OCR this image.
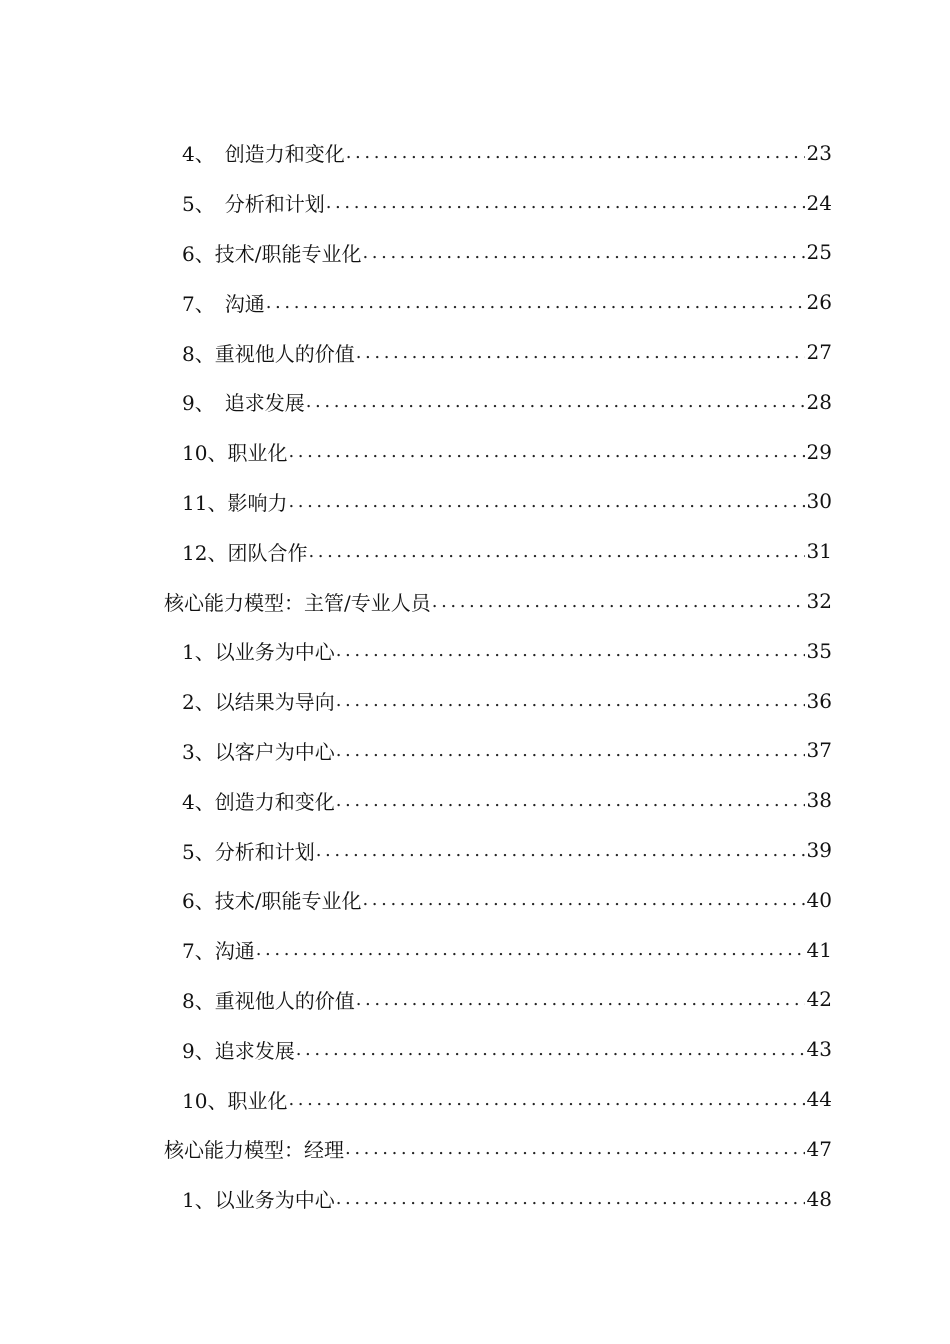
4、　 创造力和变化 .....	23
5、　 分析和计划 .....	24
6、 技术/职能专业化 .....	25
7、　 沟通 .....	26
8、 重视他人的价值 .....	27
9、　 追求发展 .....	28
10、 职业化 .....	29
11、 影响力 .....	30
12、 团队合作 .....	31
核心能力模型：主管/专业人员 .....	32
1、 以业务为中心 .....	35
2、 以结果为导向 .....	36
3、 以客户为中心 .....	37
4、 创造力和变化 .....	38
5、 分析和计划 .....	39
6、 技术/职能专业化 .....	40
7、 沟通 .....	41
8、 重视他人的价值 .....	42
9、 追求发展 .....	43
10、 职业化 .....	44
核心能力模型：经理 .....	47
1、 以业务为中心 .....	48
